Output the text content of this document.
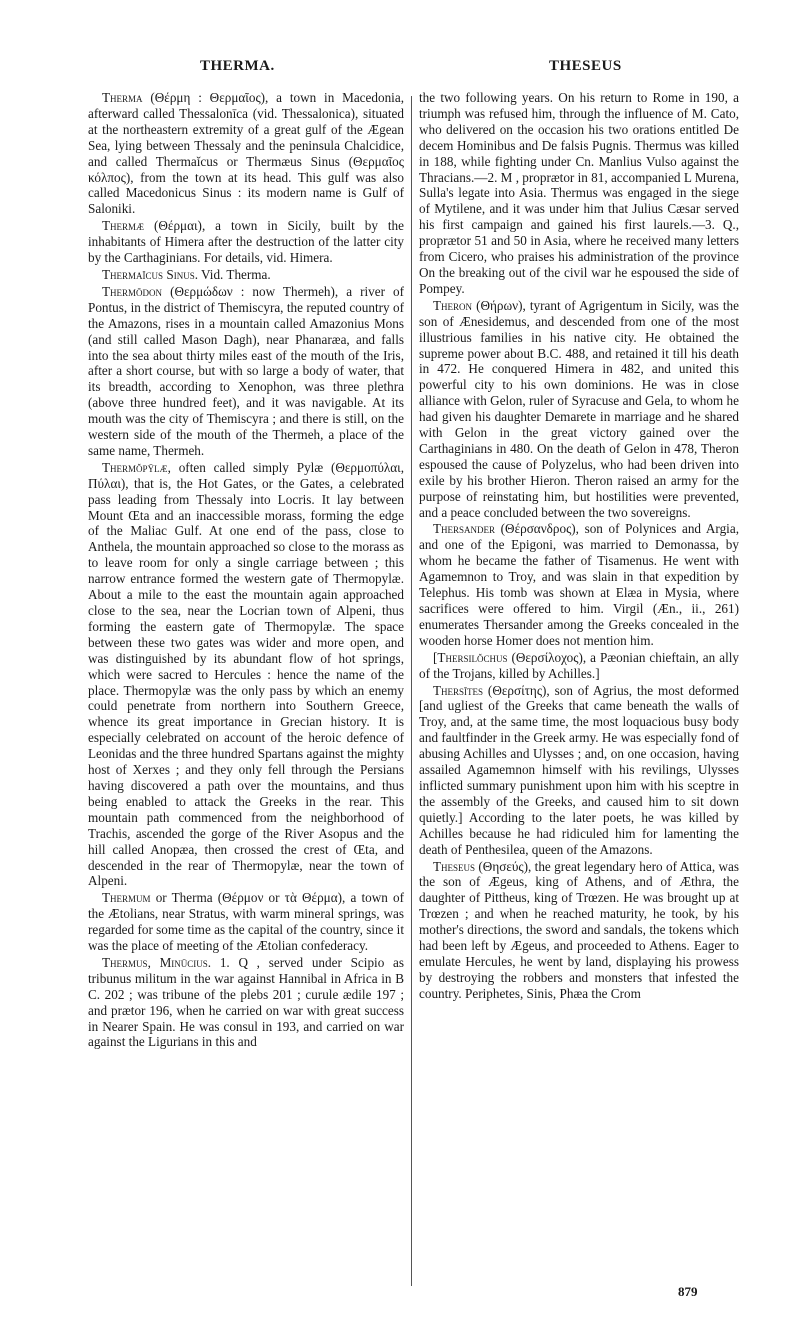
THERMA.	THESEUS

Therma (Θέρμη : Θερμαῖος), a town in Macedonia, afterward called Thessalonīca (vid. Thessalonica), situated at the northeastern extremity of a great gulf of the Ægean Sea, lying between Thessaly and the peninsula Chalcidice, and called Thermaĭcus or Thermæus Sinus (Θερμαῖος κόλπος), from the town at its head. This gulf was also called Macedonicus Sinus : its modern name is Gulf of Saloniki.

Thermæ (Θέρμαι), a town in Sicily, built by the inhabitants of Himera after the destruction of the latter city by the Carthaginians. For details, vid. Himera.

Thermaĭcus Sinus. Vid. Therma.

Thermōdon (Θερμώδων : now Thermeh), a river of Pontus, in the district of Themiscyra, the reputed country of the Amazons, rises in a mountain called Amazonius Mons (and still called Mason Dagh), near Phanaræa, and falls into the sea about thirty miles east of the mouth of the Iris, after a short course, but with so large a body of water, that its breadth, according to Xenophon, was three plethra (above three hundred feet), and it was navigable. At its mouth was the city of Themiscyra ; and there is still, on the western side of the mouth of the Thermeh, a place of the same name, Thermeh.

Thermŏpȳlæ, often called simply Pylæ (Θερμοπύλαι, Πύλαι), that is, the Hot Gates, or the Gates, a celebrated pass leading from Thessaly into Locris. It lay between Mount Œta and an inaccessible morass, forming the edge of the Maliac Gulf. At one end of the pass, close to Anthela, the mountain approached so close to the morass as to leave room for only a single carriage between ; this narrow entrance formed the western gate of Thermopylæ. About a mile to the east the mountain again approached close to the sea, near the Locrian town of Alpeni, thus forming the eastern gate of Thermopylæ. The space between these two gates was wider and more open, and was distinguished by its abundant flow of hot springs, which were sacred to Hercules : hence the name of the place. Thermopylæ was the only pass by which an enemy could penetrate from northern into Southern Greece, whence its great importance in Grecian history. It is especially celebrated on account of the heroic defence of Leonidas and the three hundred Spartans against the mighty host of Xerxes ; and they only fell through the Persians having discovered a path over the mountains, and thus being enabled to attack the Greeks in the rear. This mountain path commenced from the neighborhood of Trachis, ascended the gorge of the River Asopus and the hill called Anopæa, then crossed the crest of Œta, and descended in the rear of Thermopylæ, near the town of Alpeni.

Thermum or Therma (Θέρμον or τὰ Θέρμα), a town of the Ætolians, near Stratus, with warm mineral springs, was regarded for some time as the capital of the country, since it was the place of meeting of the Ætolian confederacy.

Thermus, Minūcius. 1. Q , served under Scipio as tribunus militum in the war against Hannibal in Africa in B C. 202 ; was tribune of the plebs 201 ; curule ædile 197 ; and prætor 196, when he carried on war with great success in Nearer Spain. He was consul in 193, and carried on war against the Ligurians in this and

the two following years. On his return to Rome in 190, a triumph was refused him, through the influence of M. Cato, who delivered on the occasion his two orations entitled De decem Hominibus and De falsis Pugnis. Thermus was killed in 188, while fighting under Cn. Manlius Vulso against the Thracians.—2. M , proprætor in 81, accompanied L Murena, Sulla's legate into Asia. Thermus was engaged in the siege of Mytilene, and it was under him that Julius Cæsar served his first campaign and gained his first laurels.—3. Q., proprætor 51 and 50 in Asia, where he received many letters from Cicero, who praises his administration of the province On the breaking out of the civil war he espoused the side of Pompey.

Theron (Θήρων), tyrant of Agrigentum in Sicily, was the son of Ænesidemus, and descended from one of the most illustrious families in his native city. He obtained the supreme power about B.C. 488, and retained it till his death in 472. He conquered Himera in 482, and united this powerful city to his own dominions. He was in close alliance with Gelon, ruler of Syracuse and Gela, to whom he had given his daughter Demarete in marriage and he shared with Gelon in the great victory gained over the Carthaginians in 480. On the death of Gelon in 478, Theron espoused the cause of Polyzelus, who had been driven into exile by his brother Hieron. Theron raised an army for the purpose of reinstating him, but hostilities were prevented, and a peace concluded between the two sovereigns.

Thersander (Θέρσανδρος), son of Polynices and Argia, and one of the Epigoni, was married to Demonassa, by whom he became the father of Tisamenus. He went with Agamemnon to Troy, and was slain in that expedition by Telephus. His tomb was shown at Elæa in Mysia, where sacrifices were offered to him. Virgil (Æn., ii., 261) enumerates Thersander among the Greeks concealed in the wooden horse Homer does not mention him.

[Thersilŏchus (Θερσίλοχος), a Pæonian chieftain, an ally of the Trojans, killed by Achilles.]

Thersītes (Θερσίτης), son of Agrius, the most deformed [and ugliest of the Greeks that came beneath the walls of Troy, and, at the same time, the most loquacious busy body and faultfinder in the Greek army. He was especially fond of abusing Achilles and Ulysses ; and, on one occasion, having assailed Agamemnon himself with his revilings, Ulysses inflicted summary punishment upon him with his sceptre in the assembly of the Greeks, and caused him to sit down quietly.] According to the later poets, he was killed by Achilles because he had ridiculed him for lamenting the death of Penthesilea, queen of the Amazons.

Theseus (Θησεύς), the great legendary hero of Attica, was the son of Ægeus, king of Athens, and of Æthra, the daughter of Pittheus, king of Trœzen. He was brought up at Trœzen ; and when he reached maturity, he took, by his mother's directions, the sword and sandals, the tokens which had been left by Ægeus, and proceeded to Athens. Eager to emulate Hercules, he went by land, displaying his prowess by destroying the robbers and monsters that infested the country. Periphetes, Sinis, Phæa the Crom

879
